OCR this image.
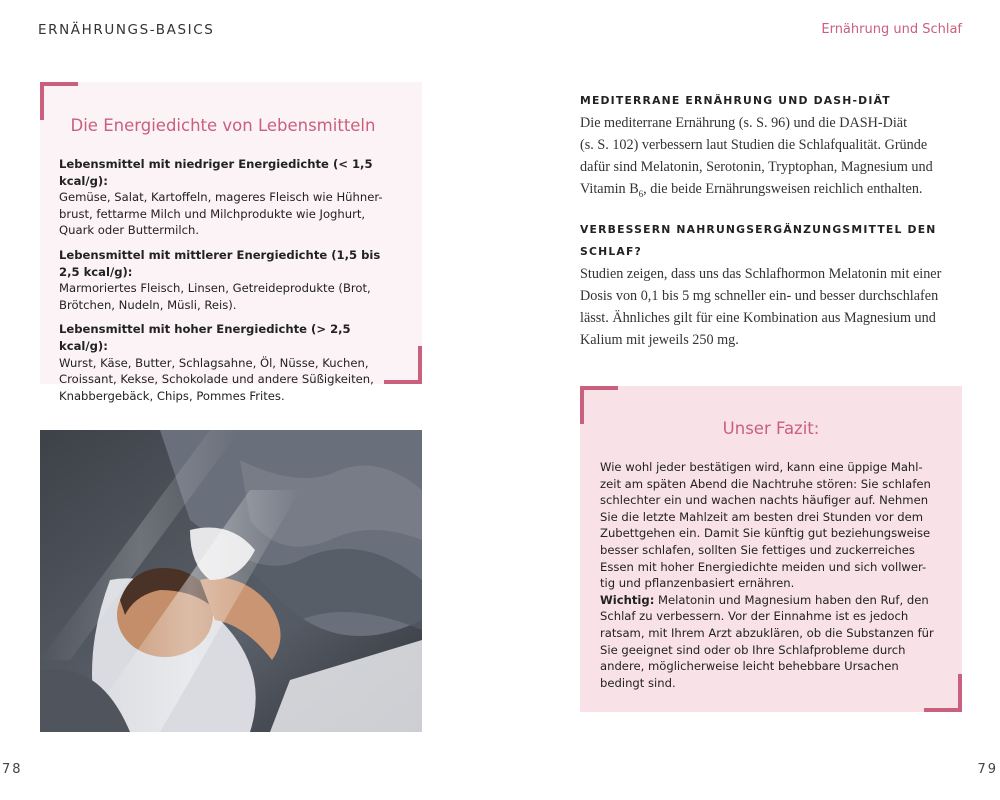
ERNÄHRUNGS-BASICS	Ernährung und Schlaf
Die Energiedichte von Lebensmitteln
Lebensmittel mit niedriger Energiedichte (< 1,5 kcal/g):
Gemüse, Salat, Kartoffeln, mageres Fleisch wie Hühner-
brust, fettarme Milch und Milchprodukte wie Joghurt,
Quark oder Buttermilch.
Lebensmittel mit mittlerer Energiedichte (1,5 bis
2,5 kcal/g):
Marmoriertes Fleisch, Linsen, Getreideprodukte (Brot,
Brötchen, Nudeln, Müsli, Reis).
Lebensmittel mit hoher Energiedichte (> 2,5 kcal/g):
Wurst, Käse, Butter, Schlagsahne, Öl, Nüsse, Kuchen,
Croissant, Kekse, Schokolade und andere Süßigkeiten,
Knabbergebäck, Chips, Pommes Frites.
MEDITERRANE ERNÄHRUNG UND DASH-DIÄT
Die mediterrane Ernährung (s. S. 96) und die DASH-Diät
(s. S. 102) verbessern laut Studien die Schlafqualität. Gründe
dafür sind Melatonin, Serotonin, Tryptophan, Magnesium und
Vitamin $B_6$, die beide Ernährungsweisen reichlich enthalten.
VERBESSERN NAHRUNGSERGÄNZUNGSMITTEL DEN
SCHLAF?
Studien zeigen, dass uns das Schlafhormon Melatonin mit einer
Dosis von 0,1 bis 5 mg schneller ein- und besser durchschlafen
lässt. Ähnliches gilt für eine Kombination aus Magnesium und
Kalium mit jeweils 250 mg.
Unser Fazit:
Wie wohl jeder bestätigen wird, kann eine üppige Mahl-
zeit am späten Abend die Nachtruhe stören: Sie schlafen
schlechter ein und wachen nachts häufiger auf. Nehmen
Sie die letzte Mahlzeit am besten drei Stunden vor dem
Zubettgehen ein. Damit Sie künftig gut beziehungsweise
besser schlafen, sollten Sie fettiges und zuckerreiches
Essen mit hoher Energiedichte meiden und sich vollwer-
tig und pflanzenbasiert ernähren.
Wichtig: Melatonin und Magnesium haben den Ruf, den
Schlaf zu verbessern. Vor der Einnahme ist es jedoch
ratsam, mit Ihrem Arzt abzuklären, ob die Substanzen für
Sie geeignet sind oder ob Ihre Schlafprobleme durch
andere, möglicherweise leicht behebbare Ursachen
bedingt sind.
78	79
